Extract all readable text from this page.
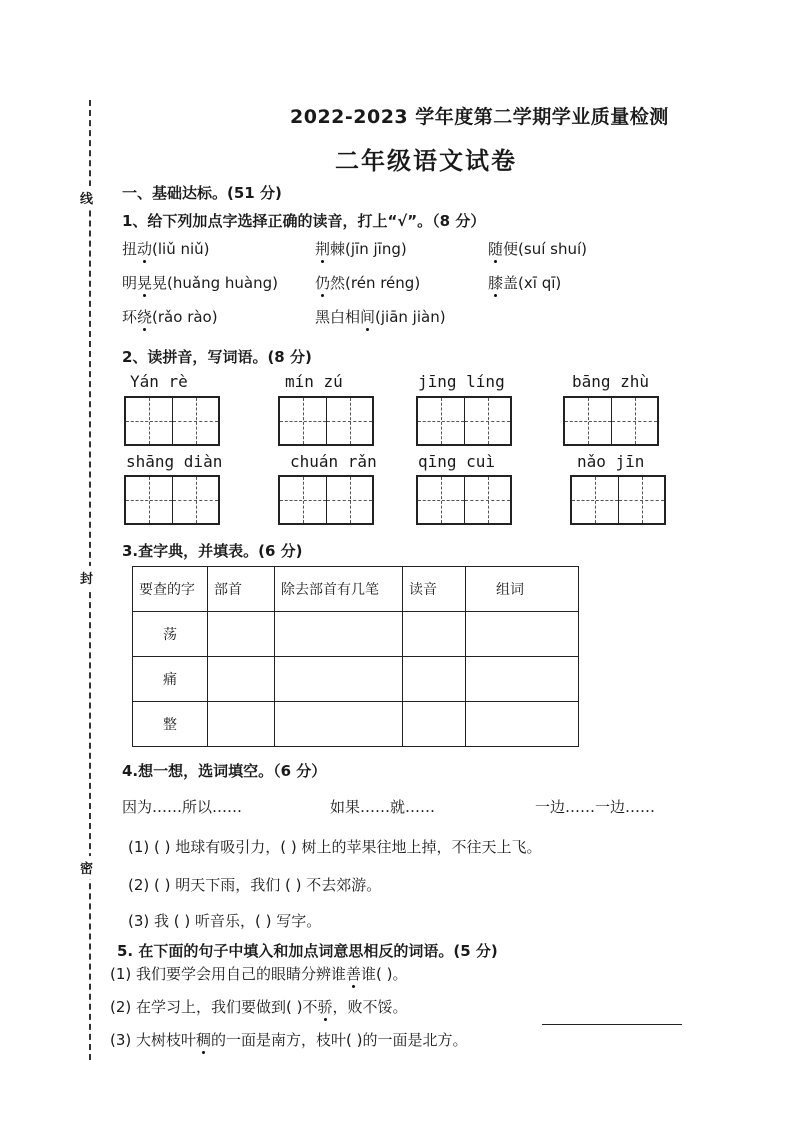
线
封
密
2022-2023 学年度第二学期学业质量检测
二年级语文试卷
一、基础达标。(51 分)
1、给下列加点字选择正确的读音，打上“√”。（8 分）
扭动(liǔ niǔ)	荆棘(jīn jīng)	随便(suí shuí)
明晃晃(huǎng huàng) 仍然(rén réng)	膝盖(xī qī)
环绕(rǎo rào)	黑白相间(jiān jiàn)
2、读拼音，写词语。(8 分)
Yán rè	mín zú	jīng líng	bāng zhù
shāng diàn	chuán rǎn	qīng cuì	nǎo jīn
3.查字典，并填表。(6 分)
要查的字	部首	除去部首有几笔	读音	组词
荡				
痛				
整				
4.想一想，选词填空。（6 分）
因为……所以……	如果……就……	一边……一边……
(1) ( ) 地球有吸引力，( ) 树上的苹果往地上掉，不往天上飞。
(2) ( ) 明天下雨，我们 ( ) 不去郊游。
(3) 我 ( ) 听音乐，( ) 写字。
5. 在下面的句子中填入和加点词意思相反的词语。(5 分)
(1) 我们要学会用自己的眼睛分辨谁善谁( )。
(2) 在学习上，我们要做到( )不骄，败不馁。
(3) 大树枝叶稠的一面是南方，枝叶( )的一面是北方。
